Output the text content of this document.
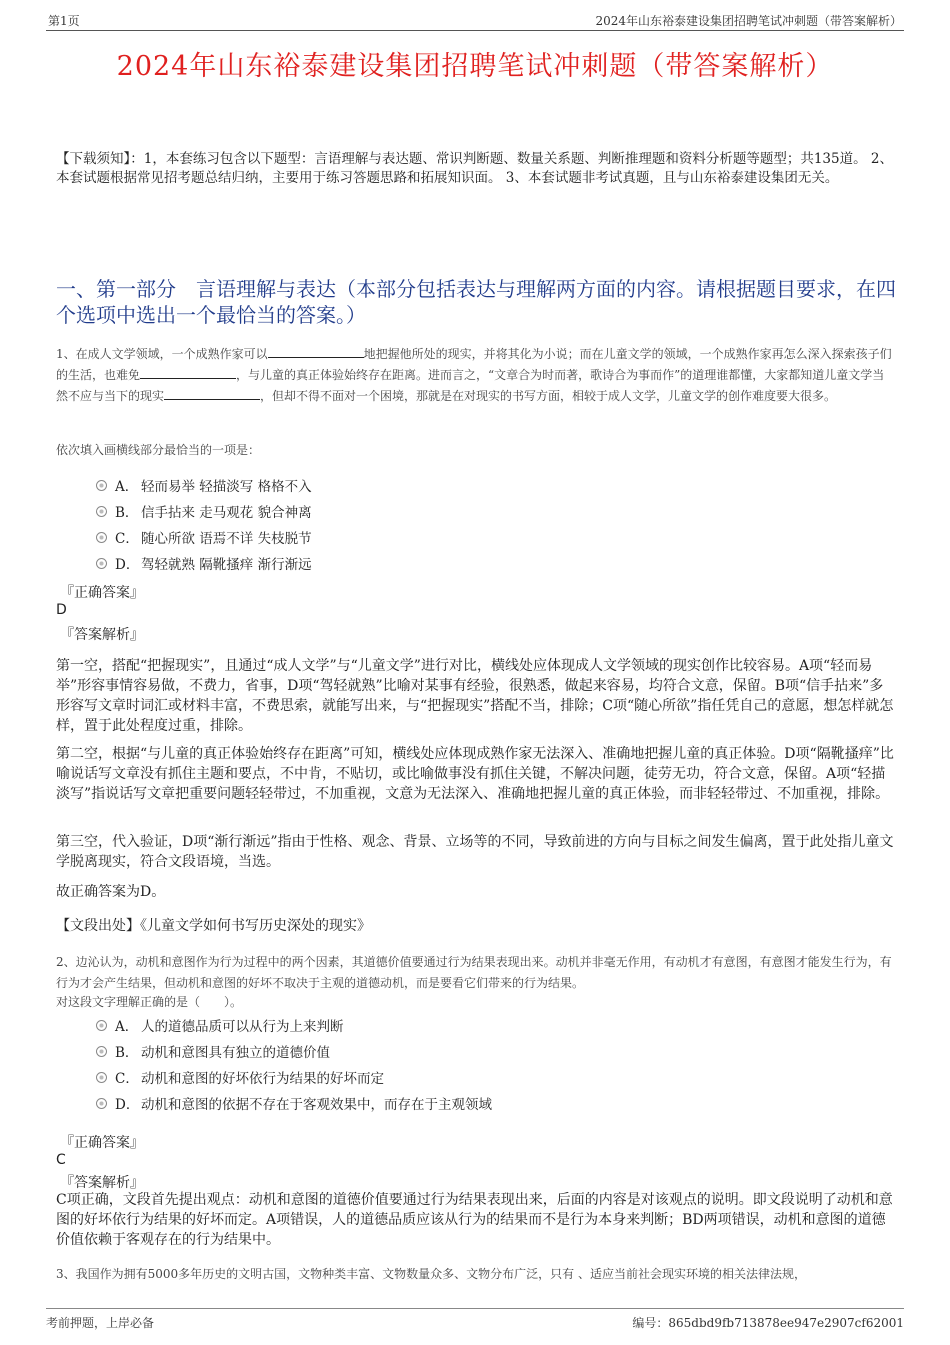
第1页	2024年山东裕泰建设集团招聘笔试冲刺题（带答案解析）
2024年山东裕泰建设集团招聘笔试冲刺题（带答案解析）
【下载须知】：1，本套练习包含以下题型：言语理解与表达题、常识判断题、数量关系题、判断推理题和资料分析题等题型；共135道。 2、本套试题根据常见招考题总结归纳，主要用于练习答题思路和拓展知识面。 3、本套试题非考试真题，且与山东裕泰建设集团无关。
一、第一部分　言语理解与表达（本部分包括表达与理解两方面的内容。请根据题目要求，在四个选项中选出一个最恰当的答案。）
1、在成人文学领域，一个成熟作家可以	地把握他所处的现实，并将其化为小说；而在儿童文学的领域，一个成熟作家再怎么深入探索孩子们的生活，也难免	，与儿童的真正体验始终存在距离。进而言之，“文章合为时而著，歌诗合为事而作”的道理谁都懂，大家都知道儿童文学当然不应与当下的现实	，但却不得不面对一个困境，那就是在对现实的书写方面，相较于成人文学，儿童文学的创作难度要大很多。
依次填入画横线部分最恰当的一项是：
A． 轻而易举 轻描淡写 格格不入
B． 信手拈来 走马观花 貌合神离
C． 随心所欲 语焉不详 失枝脱节
D． 驾轻就熟 隔靴搔痒 渐行渐远
『正确答案』
D
『答案解析』

第一空，搭配“把握现实”，且通过“成人文学”与“儿童文学”进行对比，横线处应体现成人文学领域的现实创作比较容易。A项“轻而易举”形容事情容易做，不费力，省事，D项“驾轻就熟”比喻对某事有经验，很熟悉，做起来容易，均符合文意，保留。B项“信手拈来”多形容写文章时词汇或材料丰富，不费思索，就能写出来，与“把握现实”搭配不当，排除；C项“随心所欲”指任凭自己的意愿，想怎样就怎样，置于此处程度过重，排除。

第二空，根据“与儿童的真正体验始终存在距离”可知，横线处应体现成熟作家无法深入、准确地把握儿童的真正体验。D项“隔靴搔痒”比喻说话写文章没有抓住主题和要点，不中肯，不贴切，或比喻做事没有抓住关键，不解决问题，徒劳无功，符合文意，保留。A项“轻描淡写”指说话写文章把重要问题轻轻带过，不加重视，文意为无法深入、准确地把握儿童的真正体验，而非轻轻带过、不加重视，排除。

第三空，代入验证，D项“渐行渐远”指由于性格、观念、背景、立场等的不同，导致前进的方向与目标之间发生偏离，置于此处指儿童文学脱离现实，符合文段语境，当选。

故正确答案为D。

【文段出处】《儿童文学如何书写历史深处的现实》

2、边沁认为，动机和意图作为行为过程中的两个因素，其道德价值要通过行为结果表现出来。动机并非毫无作用，有动机才有意图，有意图才能发生行为，有行为才会产生结果，但动机和意图的好坏不取决于主观的道德动机，而是要看它们带来的行为结果。
对这段文字理解正确的是（　　）。
A． 人的道德品质可以从行为上来判断
B． 动机和意图具有独立的道德价值
C． 动机和意图的好坏依行为结果的好坏而定
D． 动机和意图的依据不存在于客观效果中，而存在于主观领域
『正确答案』
C
『答案解析』

C项正确，文段首先提出观点：动机和意图的道德价值要通过行为结果表现出来，后面的内容是对该观点的说明。即文段说明了动机和意图的好坏依行为结果的好坏而定。A项错误，人的道德品质应该从行为的结果而不是行为本身来判断；BD两项错误，动机和意图的道德价值依赖于客观存在的行为结果中。

3、我国作为拥有5000多年历史的文明古国，文物种类丰富、文物数量众多、文物分布广泛，只有 、适应当前社会现实环境的相关法律法规，
考前押题，上岸必备	编号：865dbd9fb713878ee947e2907cf62001
